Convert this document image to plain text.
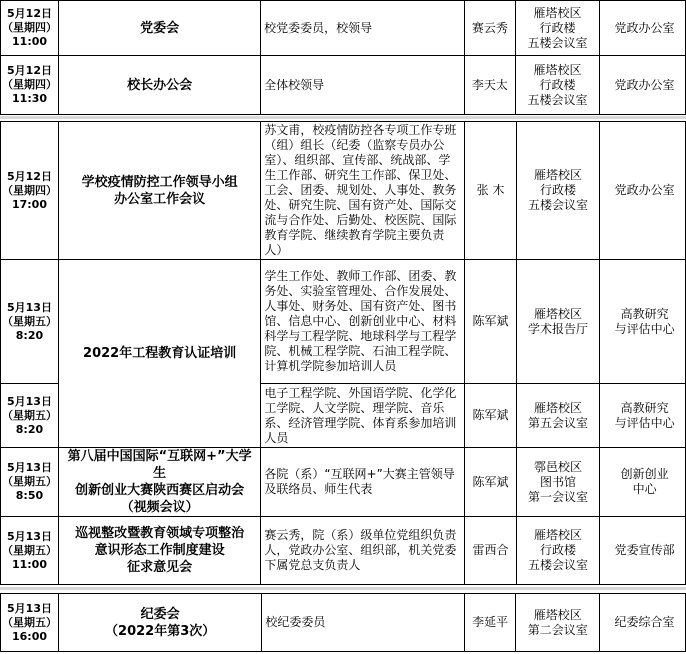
5月12日
（星期四）
11:00	党委会	校党委委员，校领导	赛云秀	雁塔校区
行政楼
五楼会议室	党政办公室

5月12日
（星期四）
11:30	校长办公会	全体校领导	李天太	雁塔校区
行政楼
五楼会议室	党政办公室
5月12日
（星期四）
17:00	学校疫情防控工作领导小组
办公室工作会议	苏文甫，校疫情防控各专项工作专班（组）组长（纪委（监察专员办公室）、组织部、宣传部、统战部、学生工作部、研究生工作部、保卫处、工会、团委、规划处、人事处、教务处、研究生院、国有资产处、国际交流与合作处、后勤处、校医院、国际教育学院、继续教育学院主要负责人）	张 木	雁塔校区
行政楼
五楼会议室	党政办公室

5月13日
（星期五）
8:20	2022年工程教育认证培训	学生工作处、教师工作部、团委、教务处、实验室管理处、合作发展处、人事处、财务处、国有资产处、图书馆、信息中心、创新创业中心、材料科学与工程学院、地球科学与工程学院、机械工程学院、石油工程学院、计算机学院参加培训人员	陈军斌	雁塔校区
学术报告厅	高教研究
与评估中心

5月13日
（星期五）
8:20		电子工程学院、外国语学院、化学化工学院、人文学院、理学院、音乐系、经济管理学院、体育系参加培训人员	陈军斌	雁塔校区
第五会议室	高教研究
与评估中心

5月13日
（星期五）
8:50	第八届中国国际“互联网+”大学生
创新创业大赛陕西赛区启动会
（视频会议）	各院（系）“互联网+”大赛主管领导及联络员、师生代表	陈军斌	鄠邑校区
图书馆
第一会议室	创新创业
中心

5月13日
（星期五）
11:00	巡视整改暨教育领域专项整治
意识形态工作制度建设
征求意见会	赛云秀，院（系）级单位党组织负责人，党政办公室、组织部，机关党委下属党总支负责人	雷西合	雁塔校区
行政楼
五楼会议室	党委宣传部
5月13日
（星期五）
16:00

纪委会
（2022年第3次）
	校纪委委员	李延平	
雁塔校区
第二会议室
	纪委综合室
